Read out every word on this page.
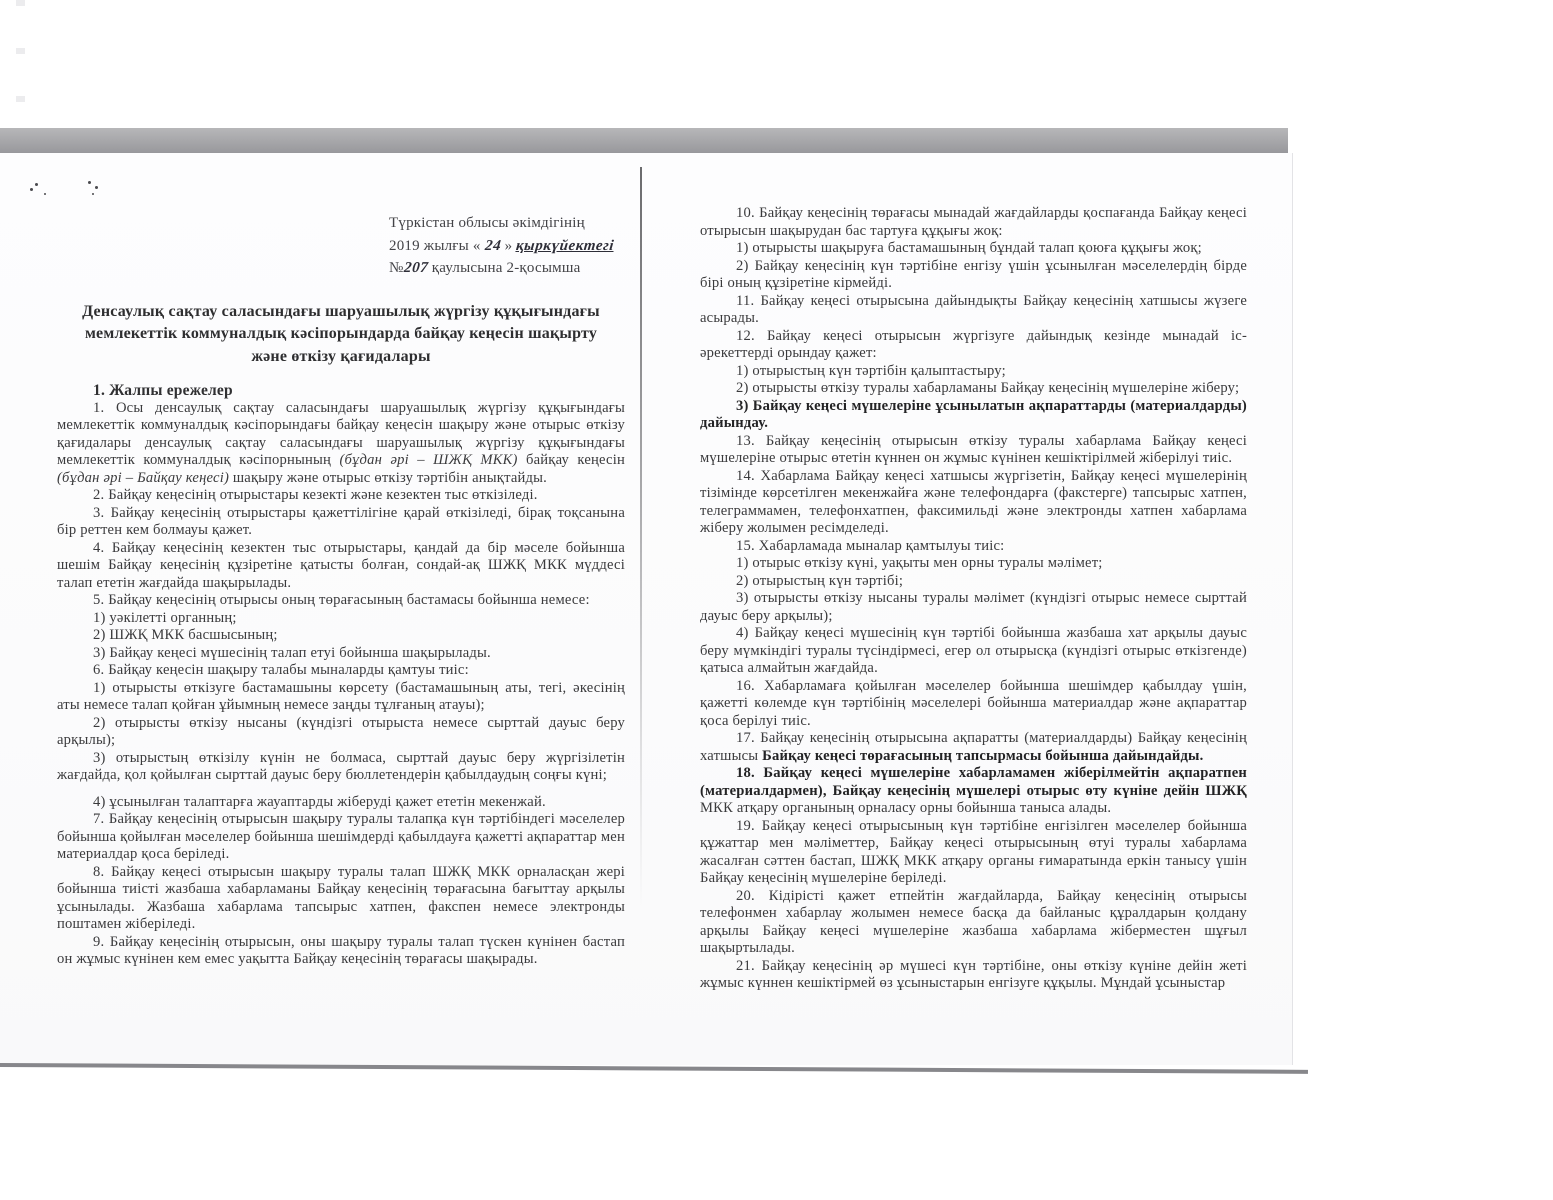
Түркістан облысы әкімдігінің
2019 жылғы « 24 » қыркүйектегі
№207 қаулысына 2-қосымша
Денсаулық сақтау саласындағы шаруашылық жүргізу құқығындағы мемлекеттік коммуналдық кәсіпорындарда байқау кеңесін шақырту және өткізу қағидалары

1. Жалпы ережелер

1. Осы денсаулық сақтау саласындағы шаруашылық жүргізу құқығындағы мемлекеттік коммуналдық кәсіпорындағы байқау кеңесін шақыру және отырыс өткізу қағидалары денсаулық сақтау саласындағы шаруашылық жүргізу құқығындағы мемлекеттік коммуналдық кәсіпорнының (бұдан әрі – ШЖҚ МКК) байқау кеңесін (бұдан әрі – Байқау кеңесі) шақыру және отырыс өткізу тәртібін анықтайды.

2. Байқау кеңесінің отырыстары кезекті және кезектен тыс өткізіледі.

3. Байқау кеңесінің отырыстары қажеттілігіне қарай өткізіледі, бірақ тоқсанына бір реттен кем болмауы қажет.

4. Байқау кеңесінің кезектен тыс отырыстары, қандай да бір мәселе бойынша шешім Байқау кеңесінің құзіретіне қатысты болған, сондай-ақ ШЖҚ МКК мүддесі талап ететін жағдайда шақырылады.

5. Байқау кеңесінің отырысы оның төрағасының бастамасы бойынша немесе:

1) уәкілетті органның;

2) ШЖҚ МКК басшысының;

3) Байқау кеңесі мүшесінің талап етуі бойынша шақырылады.

6. Байқау кеңесін шақыру талабы мыналарды қамтуы тиіс:

1) отырысты өткізуге бастамашыны көрсету (бастамашының аты, тегі, әкесінің аты немесе талап қойған ұйымның немесе заңды тұлғаның атауы);

2) отырысты өткізу нысаны (күндізгі отырыста немесе сырттай дауыс беру арқылы);

3) отырыстың өткізілу күнін не болмаса, сырттай дауыс беру жүргізілетін жағдайда, қол қойылған сырттай дауыс беру бюллетендерін қабылдаудың соңғы күні;

4) ұсынылған талаптарға жауаптарды жіберуді қажет ететін мекенжай.

7. Байқау кеңесінің отырысын шақыру туралы талапқа күн тәртібіндегі мәселелер бойынша қойылған мәселелер бойынша шешімдерді қабылдауға қажетті ақпараттар мен материалдар қоса беріледі.

8. Байқау кеңесі отырысын шақыру туралы талап ШЖҚ МКК орналасқан жері бойынша тиісті жазбаша хабарламаны Байқау кеңесінің төрағасына бағыттау арқылы ұсынылады. Жазбаша хабарлама тапсырыс хатпен, факспен немесе электронды поштамен жіберіледі.

9. Байқау кеңесінің отырысын, оны шақыру туралы талап түскен күнінен бастап он жұмыс күнінен кем емес уақытта Байқау кеңесінің төрағасы шақырады.

10. Байқау кеңесінің төрағасы мынадай жағдайларды қоспағанда Байқау кеңесі отырысын шақырудан бас тартуға құқығы жоқ:

1) отырысты шақыруға бастамашының бұндай талап қоюға құқығы жоқ;

2) Байқау кеңесінің күн тәртібіне енгізу үшін ұсынылған мәселелердің бірде бірі оның құзіретіне кірмейді.

11. Байқау кеңесі отырысына дайындықты Байқау кеңесінің хатшысы жүзеге асырады.

12. Байқау кеңесі отырысын жүргізуге дайындық кезінде мынадай іс-әрекеттерді орындау қажет:

1) отырыстың күн тәртібін қалыптастыру;

2) отырысты өткізу туралы хабарламаны Байқау кеңесінің мүшелеріне жіберу;

3) Байқау кеңесі мүшелеріне ұсынылатын ақпараттарды (материалдарды) дайындау.

13. Байқау кеңесінің отырысын өткізу туралы хабарлама Байқау кеңесі мүшелеріне отырыс өтетін күннен он жұмыс күнінен кешіктірілмей жіберілуі тиіс.

14. Хабарлама Байқау кеңесі хатшысы жүргізетін, Байқау кеңесі мүшелерінің тізімінде көрсетілген мекенжайға және телефондарға (факстерге) тапсырыс хатпен, телеграммамен, телефонхатпен, факсимильді және электронды хатпен хабарлама жіберу жолымен ресімделеді.

15. Хабарламада мыналар қамтылуы тиіс:

1) отырыс өткізу күні, уақыты мен орны туралы мәлімет;

2) отырыстың күн тәртібі;

3) отырысты өткізу нысаны туралы мәлімет (күндізгі отырыс немесе сырттай дауыс беру арқылы);

4) Байқау кеңесі мүшесінің күн тәртібі бойынша жазбаша хат арқылы дауыс беру мүмкіндігі туралы түсіндірмесі, егер ол отырысқа (күндізгі отырыс өткізгенде) қатыса алмайтын жағдайда.

16. Хабарламаға қойылған мәселелер бойынша шешімдер қабылдау үшін, қажетті көлемде күн тәртібінің мәселелері бойынша материалдар және ақпараттар қоса берілуі тиіс.

17. Байқау кеңесінің отырысына ақпаратты (материалдарды) Байқау кеңесінің хатшысы Байқау кеңесі төрағасының тапсырмасы бойынша дайындайды.

18. Байқау кеңесі мүшелеріне хабарламамен жіберілмейтін ақпаратпен (материалдармен), Байқау кеңесінің мүшелері отырыс өту күніне дейін ШЖҚ МКК атқару органының орналасу орны бойынша таныса алады.

19. Байқау кеңесі отырысының күн тәртібіне енгізілген мәселелер бойынша құжаттар мен мәліметтер, Байқау кеңесі отырысының өтуі туралы хабарлама жасалған сәттен бастап, ШЖҚ МКК атқару органы ғимаратында еркін танысу үшін Байқау кеңесінің мүшелеріне беріледі.

20. Кідірісті қажет етпейтін жағдайларда, Байқау кеңесінің отырысы телефонмен хабарлау жолымен немесе басқа да байланыс құралдарын қолдану арқылы Байқау кеңесі мүшелеріне жазбаша хабарлама жіберместен шұғыл шақыртылады.

21. Байқау кеңесінің әр мүшесі күн тәртібіне, оны өткізу күніне дейін жеті жұмыс күннен кешіктірмей өз ұсыныстарын енгізуге құқылы. Мұндай ұсыныстар
